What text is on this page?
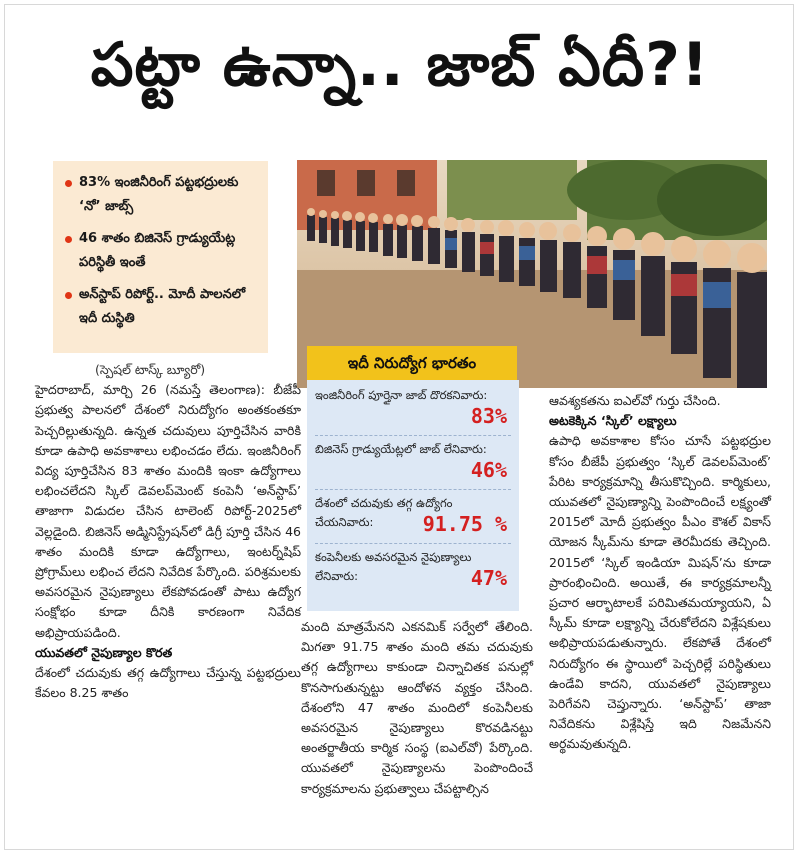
పట్టా ఉన్నా.. జాబ్ ఏదీ?!
83% ఇంజినీరింగ్ పట్టభద్రులకు ‘నో’ జాబ్స్
46 శాతం బిజినెస్ గ్రాడ్యుయేట్ల పరిస్థితీ ఇంతే
అన్‌స్టాప్ రిపోర్ట్.. మోదీ పాలనలో ఇదీ దుస్థితి
ఇదీ నిరుద్యోగ భారతం
ఇంజినీరింగ్ పూర్తైనా జాబ్ దొరకనివారు:
83%
బిజినెస్ గ్రాడ్యుయేట్లలో జాబ్ లేనివారు:
46%
దేశంలో చదువుకు తగ్గ ఉద్యోగం చేయనివారు:	91.75 %
కంపెనీలకు అవసరమైన నైపుణ్యాలు లేనివారు:	47%
(స్పెషల్ టాస్క్ బ్యూరో)
హైదరాబాద్, మార్చి 26 (నమస్తే తెలంగాణ): బీజేపీ ప్రభుత్వ పాలనలో దేశంలో నిరుద్యోగం అంతకంతకూ పెచ్చరిల్లుతున్నది. ఉన్నత చదువులు పూర్తిచేసిన వారికి కూడా ఉపాధి అవకాశాలు లభించడం లేదు. ఇంజినీరింగ్ విద్య పూర్తిచేసిన 83 శాతం మందికి ఇంకా ఉద్యోగాలు లభించలేదని స్కిల్ డెవలప్‌మెంట్ కంపెనీ ‘అన్‌స్టాప్’ తాజాగా విడుదల చేసిన టాలెంట్ రిపోర్ట్-2025లో వెల్లడైంది. బిజినెస్ అడ్మినిస్ట్రేషన్‌లో డిగ్రీ పూర్తి చేసిన 46 శాతం మందికి కూడా ఉద్యోగాలు, ఇంటర్న్‌షిప్ ప్రోగ్రామ్‌లు లభించ లేదని నివేదిక పేర్కొంది. పరిశ్రమలకు అవసరమైన నైపుణ్యాలు లేకపోవడంతో పాటు ఉద్యోగ సంక్షోభం కూడా దీనికి కారణంగా నివేదిక అభిప్రాయపడింది.
యువతలో నైపుణ్యాల కొరత
దేశంలో చదువుకు తగ్గ ఉద్యోగాలు చేస్తున్న పట్టభద్రులు కేవలం 8.25 శాతం
మంది మాత్రమేనని ఎకనమిక్ సర్వేలో తేలింది. మిగతా 91.75 శాతం మంది తమ చదువుకు తగ్గ ఉద్యోగాలు కాకుండా చిన్నాచితక పనుల్లో కొనసాగుతున్నట్టు ఆందోళన వ్యక్తం చేసింది. దేశంలోని 47 శాతం మందిలో కంపెనీలకు అవసరమైన నైపుణ్యాలు కొరవడినట్టు అంతర్జాతీయ కార్మిక సంస్థ (ఐఎల్‌వో) పేర్కొంది. యువతలో నైపుణ్యాలను పెంపొందించే కార్యక్రమాలను ప్రభుత్వాలు చేపట్టాల్సిన
ఆవశ్యకతను ఐఎల్‌వో గుర్తు చేసింది.
అటకెక్కిన ‘స్కిల్’ లక్ష్యాలు
ఉపాధి అవకాశాల కోసం చూసే పట్టభద్రుల కోసం బీజేపీ ప్రభుత్వం ‘స్కిల్ డెవలప్‌మెంట్’ పేరిట కార్యక్రమాన్ని తీసుకొచ్చింది. కార్మికులు, యువతలో నైపుణ్యాన్ని పెంపొందించే లక్ష్యంతో 2015లో మోదీ ప్రభుత్వం పీఎం కౌశల్ వికాస్ యోజన స్కీమ్‌ను కూడా తెరమీదకు తెచ్చింది. 2015లో ‘స్కిల్ ఇండియా మిషన్’ను కూడా ప్రారంభించింది. అయితే, ఈ కార్యక్రమాలన్నీ ప్రచార ఆర్భాటాలకే పరిమితమయ్యాయని, ఏ స్కీమ్ కూడా లక్ష్యాన్ని చేరుకోలేదని విశ్లేషకులు అభిప్రాయపడుతున్నారు. లేకపోతే దేశంలో నిరుద్యోగం ఈ స్థాయిలో పెచ్చరిల్లే పరిస్థితులు ఉండేవి కాదని, యువతలో నైపుణ్యాలు పెరిగేవని చెప్తున్నారు. ‘అన్‌స్టాప్’ తాజా నివేదికను విశ్లేషిస్తే ఇది నిజమేనని అర్థమవుతున్నది.
